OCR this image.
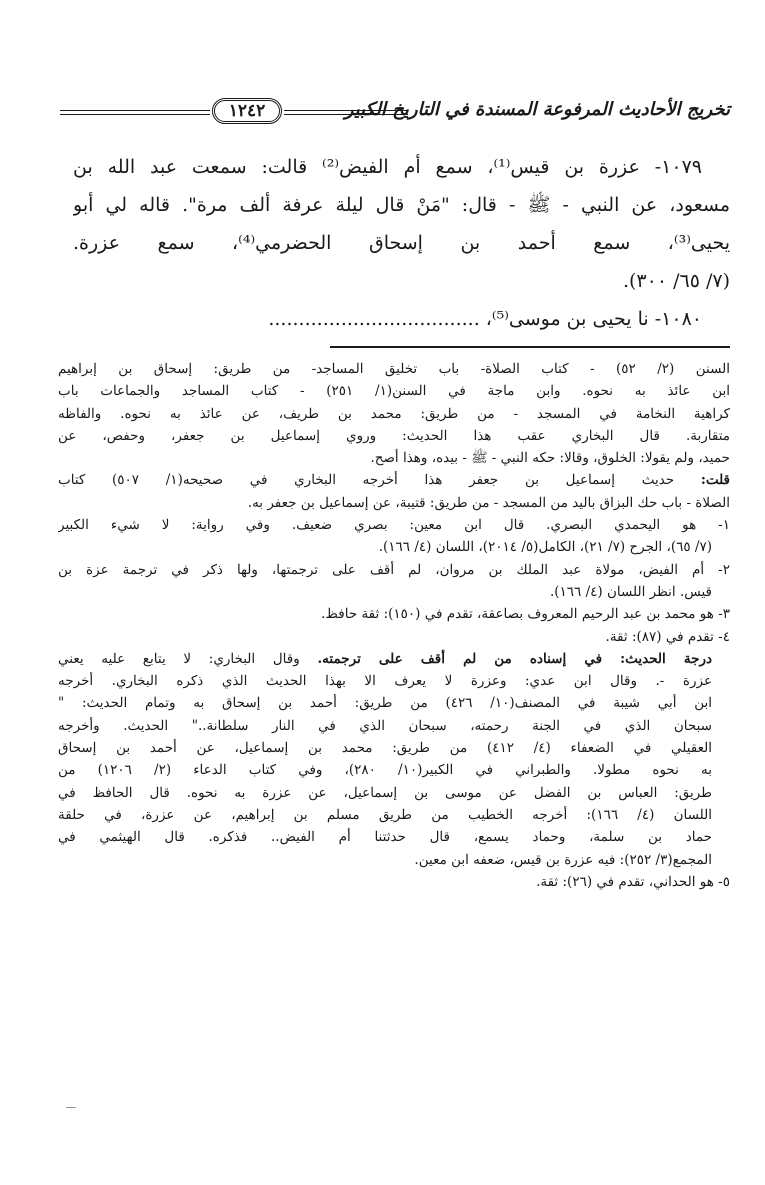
١٢٤٢	تخريج الأحاديث المرفوعة المسندة في التاريخ الكبير
١٠٧٩- عزرة بن قيس⁽¹⁾، سمع أم الفيض⁽²⁾ قالت: سمعت عبد الله بن
مسعود، عن النبي - ﷺ - قال: "مَنْ قال ليلة عرفة ألف مرة". قاله لي أبو
يحيى⁽³⁾، سمع أحمد بن إسحاق الحضرمي⁽⁴⁾، سمع عزرة.
(٧/ ٦٥/ ٣٠٠).
١٠٨٠- نا يحيى بن موسى⁽⁵⁾، ...................................
السنن (٢/ ٥٢) - كتاب الصلاة- باب تخليق المساجد- من طريق: إسحاق بن إبراهيم
ابن عائذ به نحوه. وابن ماجة في السنن(١/ ٢٥١) - كتاب المساجد والجماعات باب
كراهية النخامة في المسجد - من طريق: محمد بن طريف، عن عائذ به نحوه. والفاظه
متقاربة. قال البخاري عقب هذا الحديث: وروي إسماعيل بن جعفر، وحفص، عن
حميد، ولم يقولا: الخلوق، وقالا: حكه النبي - ﷺ - بيده، وهذا أصح.
قلت: حديث إسماعيل بن جعفر هذا أخرجه البخاري في صحيحه(١/ ٥٠٧) كتاب
الصلاة - باب حك البزاق باليد من المسجد - من طريق: قتيبة، عن إسماعيل بن جعفر به.
١- هو اليحمدي البصري. قال ابن معين: بصري ضعيف. وفي رواية: لا شيء الكبير
(٧/ ٦٥)، الجرح (٧/ ٢١)، الكامل(٥/ ٢٠١٤)، اللسان (٤/ ١٦٦).
٢- أم الفيض، مولاة عبد الملك بن مروان، لم أقف على ترجمتها، ولها ذكر في ترجمة عزة بن
قيس. انظر اللسان (٤/ ١٦٦).
٣- هو محمد بن عبد الرحيم المعروف بصاعقة، تقدم في (١٥٠): ثقة حافظ.
٤- تقدم في (٨٧): ثقة.
درجة الحديث: في إسناده من لم أقف على ترجمته. وقال البخاري: لا يتابع عليه يعني
عزرة -. وقال ابن عدي: وعزرة لا يعرف الا بهذا الحديث الذي ذكره البخاري. أخرجه
ابن أبي شيبة في المصنف(١٠/ ٤٢٦) من طريق: أحمد بن إسحاق به وتمام الحديث: "
سبحان الذي في الجنة رحمته، سبحان الذي في النار سلطانة.." الحديث. وأخرجه
العقيلي في الضعفاء (٤/ ٤١٢) من طريق: محمد بن إسماعيل، عن أحمد بن إسحاق
به نحوه مطولا. والطبراني في الكبير(١٠/ ٢٨٠)، وفي كتاب الدعاء (٢/ ١٢٠٦) من
طريق: العباس بن الفضل عن موسى بن إسماعيل، عن عزرة به نحوه. قال الحافظ في
اللسان (٤/ ١٦٦): أخرجه الخطيب من طريق مسلم بن إبراهيم، عن عزرة، في حلقة
حماد بن سلمة، وحماد يسمع، قال حدثتنا أم الفيض.. فذكره. قال الهيثمي في
المجمع(٣/ ٢٥٢): فيه عزرة بن قيس، ضعفه ابن معين.
٥- هو الحداني، تقدم في (٢٦): ثقة.
